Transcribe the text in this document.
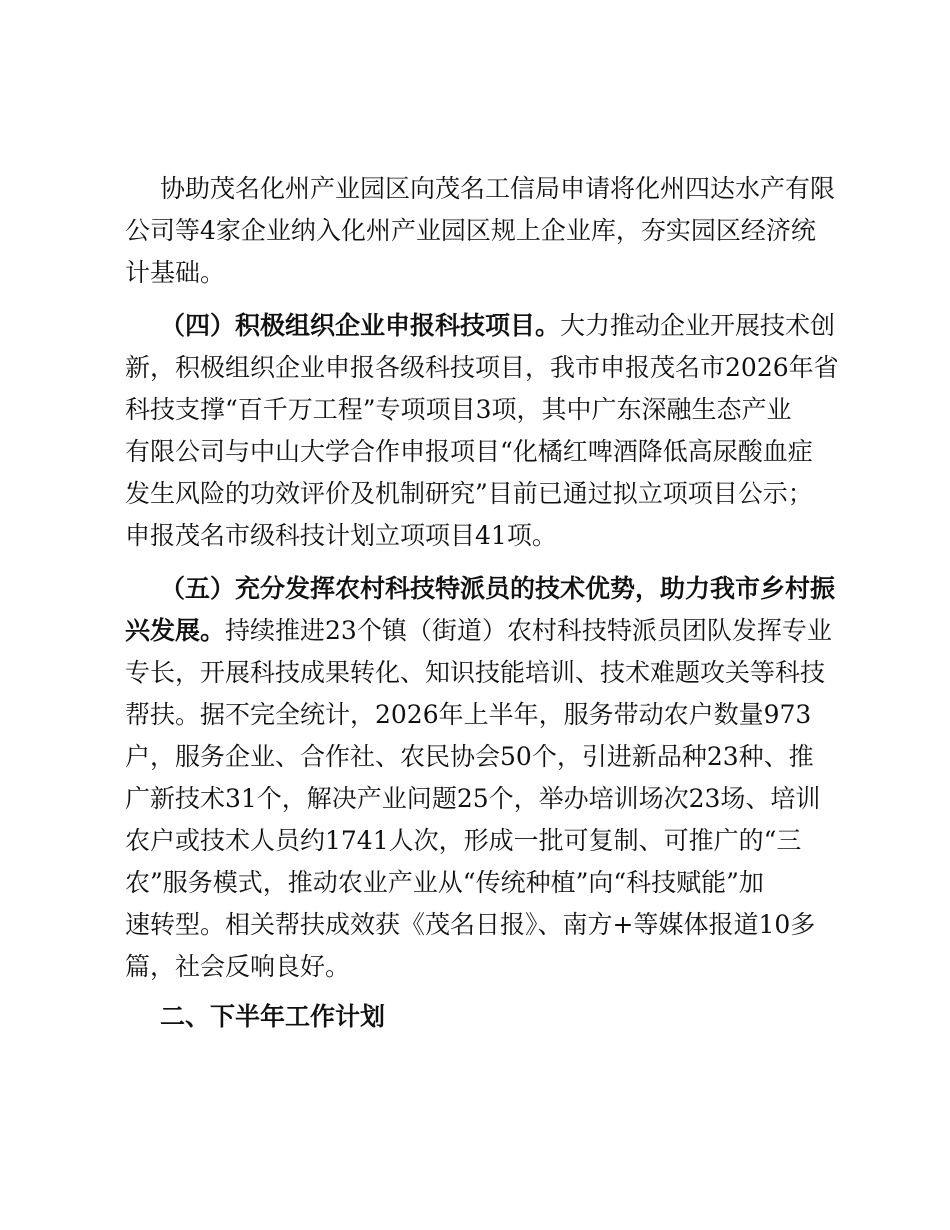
协助茂名化州产业园区向茂名工信局申请将化州四达水产有限
公司等4家企业纳入化州产业园区规上企业库，夯实园区经济统
计基础。
（四）积极组织企业申报科技项目。大力推动企业开展技术创
新，积极组织企业申报各级科技项目，我市申报茂名市2026年省
科技支撑“百千万工程”专项项目3项，其中广东深融生态产业
有限公司与中山大学合作申报项目“化橘红啤酒降低高尿酸血症
发生风险的功效评价及机制研究”目前已通过拟立项项目公示；
申报茂名市级科技计划立项项目41项。
（五）充分发挥农村科技特派员的技术优势，助力我市乡村振
兴发展。持续推进23个镇（街道）农村科技特派员团队发挥专业
专长，开展科技成果转化、知识技能培训、技术难题攻关等科技
帮扶。据不完全统计，2026年上半年，服务带动农户数量973
户，服务企业、合作社、农民协会50个，引进新品种23种、推
广新技术31个，解决产业问题25个，举办培训场次23场、培训
农户或技术人员约1741人次，形成一批可复制、可推广的“三
农”服务模式，推动农业产业从“传统种植”向“科技赋能”加
速转型。相关帮扶成效获《茂名日报》、南方+等媒体报道10多
篇，社会反响良好。
二、下半年工作计划
